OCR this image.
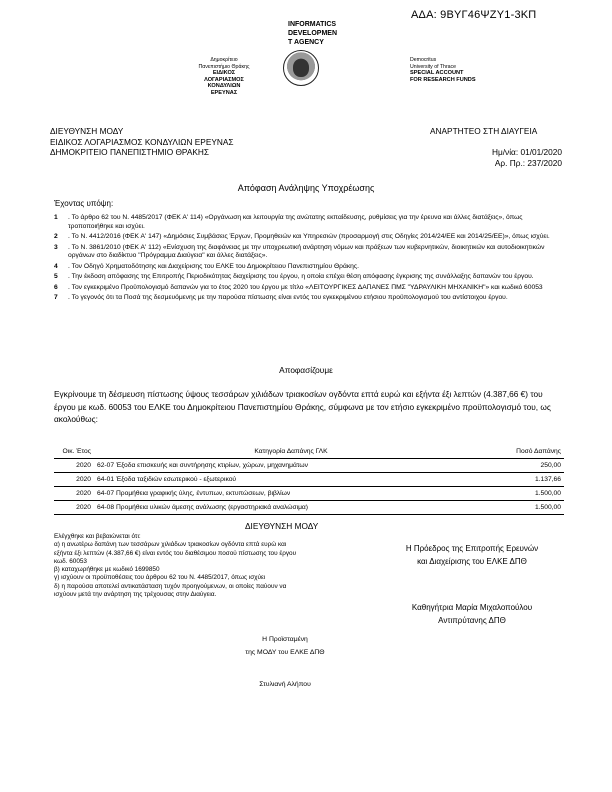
ΑΔΑ: 9ΒΥΓ46ΨΖΥ1-3ΚΠ
INFORMATICS
DEVELOPMEN
T AGENCY
Δημοκρίτειο
Πανεπιστήμιο Θράκης
ΕΙΔΙΚΟΣ ΛΟΓΑΡΙΑΣΜΟΣ
ΚΟΝΔΥΛΙΩΝ ΕΡΕΥΝΑΣ
Democritus
University of Thrace
SPECIAL ACCOUNT
FOR RESEARCH FUNDS
ΔΙΕΥΘΥΝΣΗ ΜΟΔΥ
ΕΙΔΙΚΟΣ ΛΟΓΑΡΙΑΣΜΟΣ ΚΟΝΔΥΛΙΩΝ ΕΡΕΥΝΑΣ
ΔΗΜΟΚΡΙΤΕΙΟ ΠΑΝΕΠΙΣΤΗΜΙΟ ΘΡΑΚΗΣ
ΑΝΑΡΤΗΤΕΟ ΣΤΗ ΔΙΑΥΓΕΙΑ
Ημ/νία: 01/01/2020
Αρ. Πρ.: 237/2020
Απόφαση Ανάληψης Υποχρέωσης
Έχοντας υπόψη:
1	. Το άρθρο 62 του Ν. 4485/2017 (ΦΕΚ Α' 114) «Οργάνωση και λειτουργία της ανώτατης εκπαίδευσης, ρυθμίσεις για την έρευνα και άλλες διατάξεις», όπως τροποποιήθηκε και ισχύει.
2	. Το Ν. 4412/2016 (ΦΕΚ Α' 147) «Δημόσιες Συμβάσεις Έργων, Προμηθειών και Υπηρεσιών (προσαρμογή στις Οδηγίες 2014/24/ΕΕ και 2014/25/ΕΕ)», όπως ισχύει.
3	. Το Ν. 3861/2010 (ΦΕΚ Α' 112) «Ενίσχυση της διαφάνειας με την υποχρεωτική ανάρτηση νόμων και πράξεων των κυβερνητικών, διοικητικών και αυτοδιοικητικών οργάνων στο διαδίκτυο "Πρόγραμμα Διαύγεια" και άλλες διατάξεις».
4	. Τον Οδηγό Χρηματοδότησης και Διαχείρισης του ΕΛΚΕ του Δημοκρίτειου Πανεπιστημίου Θράκης.
5	. Την έκδοση απόφασης της Επιτροπής Περιοδικότητας διαχείρισης του έργου, η οποία επέχει θέση απόφασης έγκρισης της συνάλλαξης δαπανών του έργου.
6	. Τον εγκεκριμένο Προϋπολογισμό δαπανών για το έτος 2020 του έργου με τίτλο «ΛΕΙΤΟΥΡΓΙΚΕΣ ΔΑΠΑΝΕΣ ΠΜΣ "ΥΔΡΑΥΛΙΚΗ ΜΗΧΑΝΙΚΗ"» και κωδικό 60053
7	. Το γεγονός ότι τα Ποσά της δεσμευόμενης με την παρούσα πίστωσης είναι εντός του εγκεκριμένου ετήσιου προϋπολογισμού του αντίστοιχου έργου.
Αποφασίζουμε
Εγκρίνουμε τη δέσμευση πίστωσης ύψους τεσσάρων χιλιάδων τριακοσίων ογδόντα επτά ευρώ και εξήντα έξι λεπτών (4.387,66 €) του έργου με κωδ. 60053 του ΕΛΚΕ του Δημοκρίτειου Πανεπιστημίου Θράκης, σύμφωνα με τον ετήσιο εγκεκριμένο προϋπολογισμό του, ως ακολούθως:
Οικ. Έτος	Κατηγορία Δαπάνης ΓΛΚ	Ποσό Δαπάνης
2020	62-07 Έξοδα επισκευής και συντήρησης κτιρίων, χώρων, μηχανημάτων	250,00
2020	64-01 Έξοδα ταξιδιών εσωτερικού - εξωτερικού	1.137,66
2020	64-07 Προμήθεια γραφικής ύλης, έντυπων, εκτυπώσεων, βιβλίων	1.500,00
2020	64-08 Προμήθεια υλικών άμεσης ανάλωσης (εργαστηριακά αναλώσιμα)	1.500,00
ΔΙΕΥΘΥΝΣΗ ΜΟΔΥ
Ελέγχθηκε και βεβαιώνεται ότι:
α) η ανωτέρω δαπάνη των τεσσάρων χιλιάδων τριακοσίων ογδόντα επτά ευρώ και
εξήντα έξι λεπτών (4.387,66 €) είναι εντός του διαθέσιμου ποσού πίστωσης του έργου
κωδ. 60053
β) καταχωρήθηκε με κωδικό 1699850
γ) ισχύουν οι προϋποθέσεις του άρθρου 62 του Ν. 4485/2017, όπως ισχύει
δ) η παρούσα αποτελεί αντικατάσταση τυχόν προηγούμενων, οι οποίες παύουν να
ισχύουν μετά την ανάρτηση της τρέχουσας στην Διαύγεια.
Η Πρόεδρος της Επιτροπής Ερευνών
και Διαχείρισης του ΕΛΚΕ ΔΠΘ
Καθηγήτρια Μαρία Μιχαλοπούλου
Αντιπρύτανης ΔΠΘ
Η Προϊσταμένη
της ΜΟΔΥ του ΕΛΚΕ ΔΠΘ
Στυλιανή Αλήπου
